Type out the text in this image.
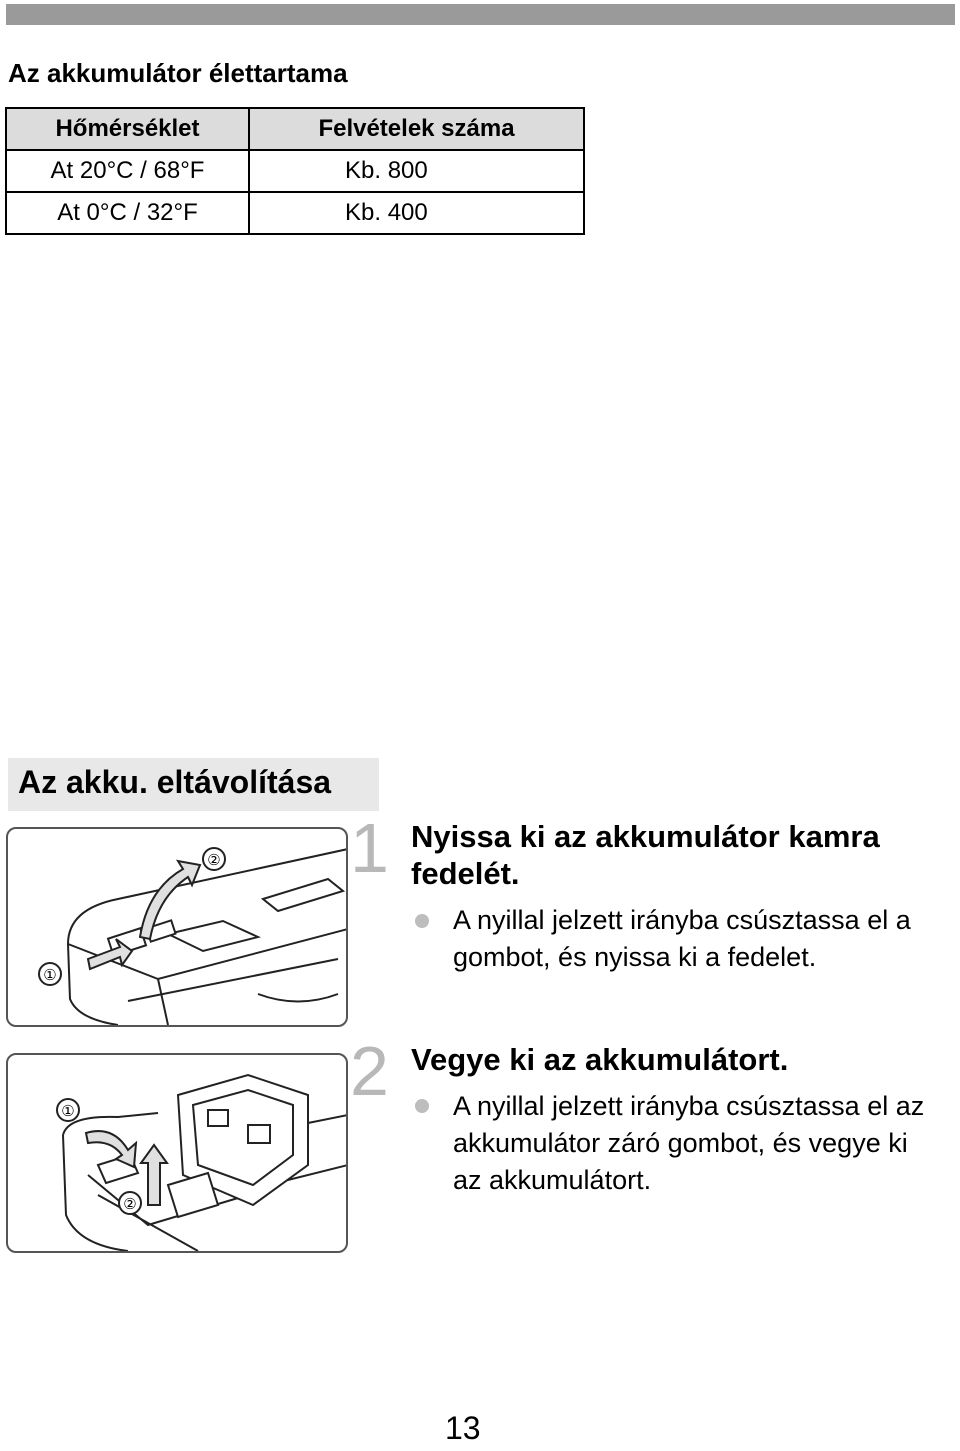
Az akkumulátor élettartama
Hőmérséklet	Felvételek száma
At 20°C / 68°F	Kb. 800
At 0°C / 32°F	Kb. 400
Az akku. eltávolítása
①
②
①
②
1 Nyissa ki az akkumulátor kamra fedelét.
A nyillal jelzett irányba csúsztassa el a gombot, és nyissa ki a fedelet.
2 Vegye ki az akkumulátort.
A nyillal jelzett irányba csúsztassa el az akkumulátor záró gombot, és vegye ki az akkumulátort.
13
